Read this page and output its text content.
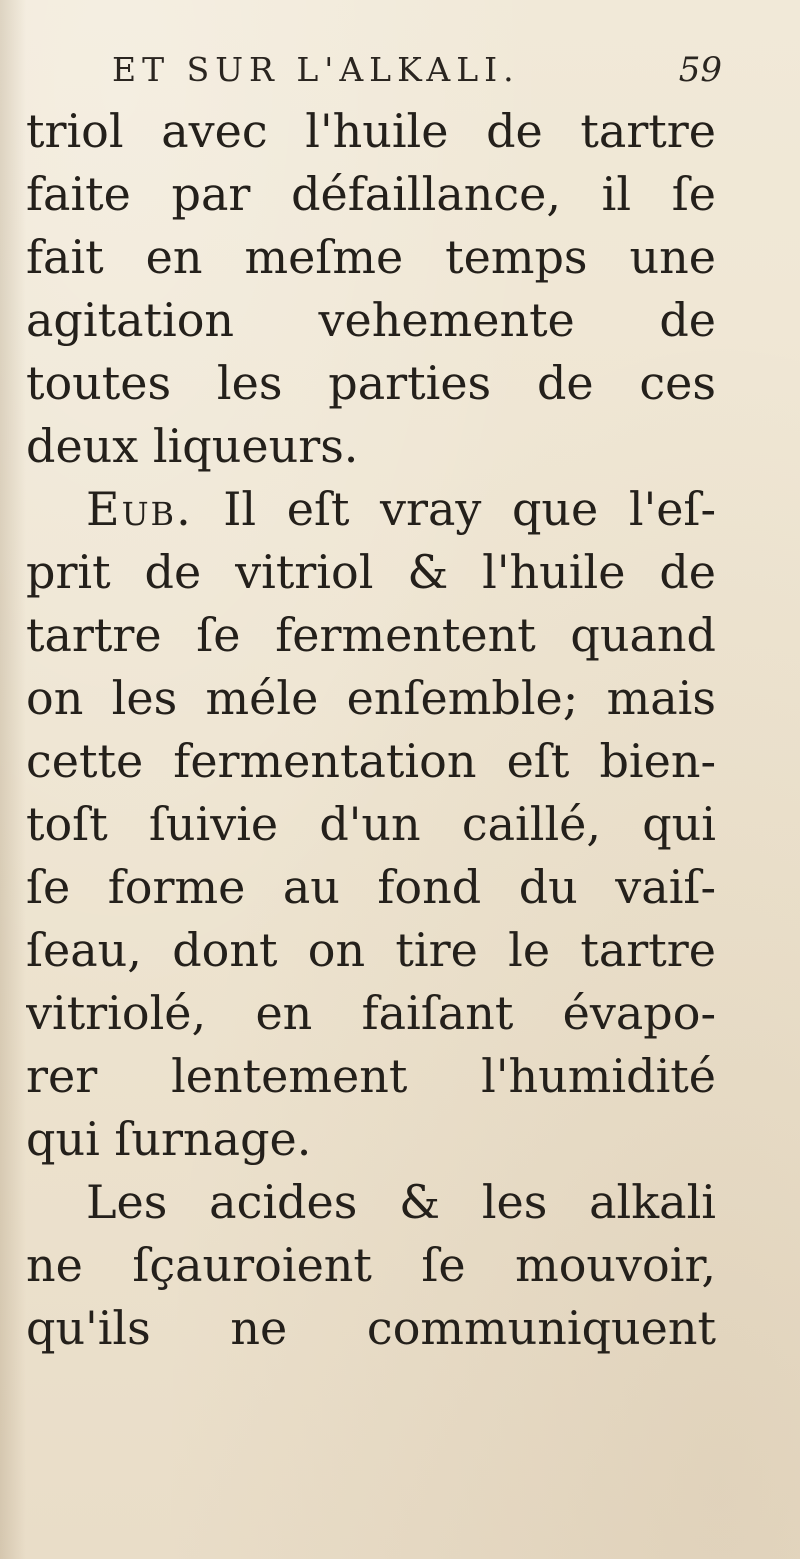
ET SUR L'ALKALI.	59
triol avec l'huile de tartre
faite par défaillance, il ſe
fait en meſme temps une
agitation vehemente de
toutes les parties de ces
deux liqueurs.
Eub. Il eſt vray que l'eſ-
prit de vitriol & l'huile de
tartre ſe fermentent quand
on les méle enſemble; mais
cette fermentation eſt bien-
toſt ſuivie d'un caillé, qui
ſe forme au fond du vaiſ-
ſeau, dont on tire le tartre
vitriolé, en faiſant évapo-
rer lentement l'humidité
qui ſurnage.
Les acides & les alkali
ne ſçauroient ſe mouvoir,
qu'ils ne communiquent
